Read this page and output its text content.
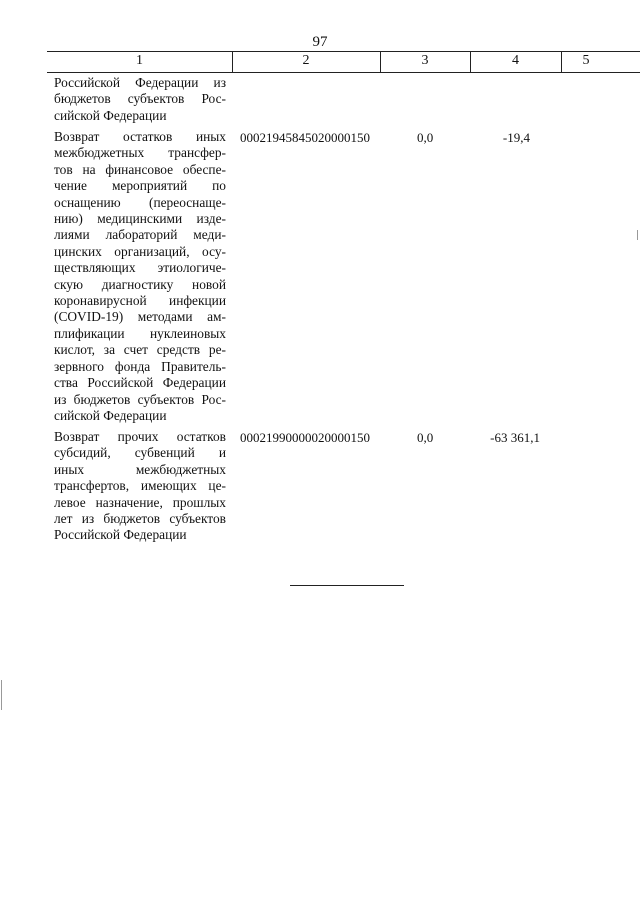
97
1	2	3	4	5
Российской Федерации из
бюджетов субъектов Рос-
сийской Федерации
Возврат остатков иных
межбюджетных трансфер-
тов на финансовое обеспе-
чение мероприятий по
оснащению (переоснаще-
нию) медицинскими изде-
лиями лабораторий меди-
цинских организаций, осу-
ществляющих этиологиче-
скую диагностику новой
коронавирусной инфекции
(COVID-19) методами ам-
плификации нуклеиновых
кислот, за счет средств ре-
зервного фонда Правитель-
ства Российской Федерации
из бюджетов субъектов Рос-
сийской Федерации
00021945845020000150	0,0	-19,4
Возврат прочих остатков
субсидий, субвенций и
иных межбюджетных
трансфертов, имеющих це-
левое назначение, прошлых
лет из бюджетов субъектов
Российской Федерации
00021990000020000150	0,0	-63 361,1
